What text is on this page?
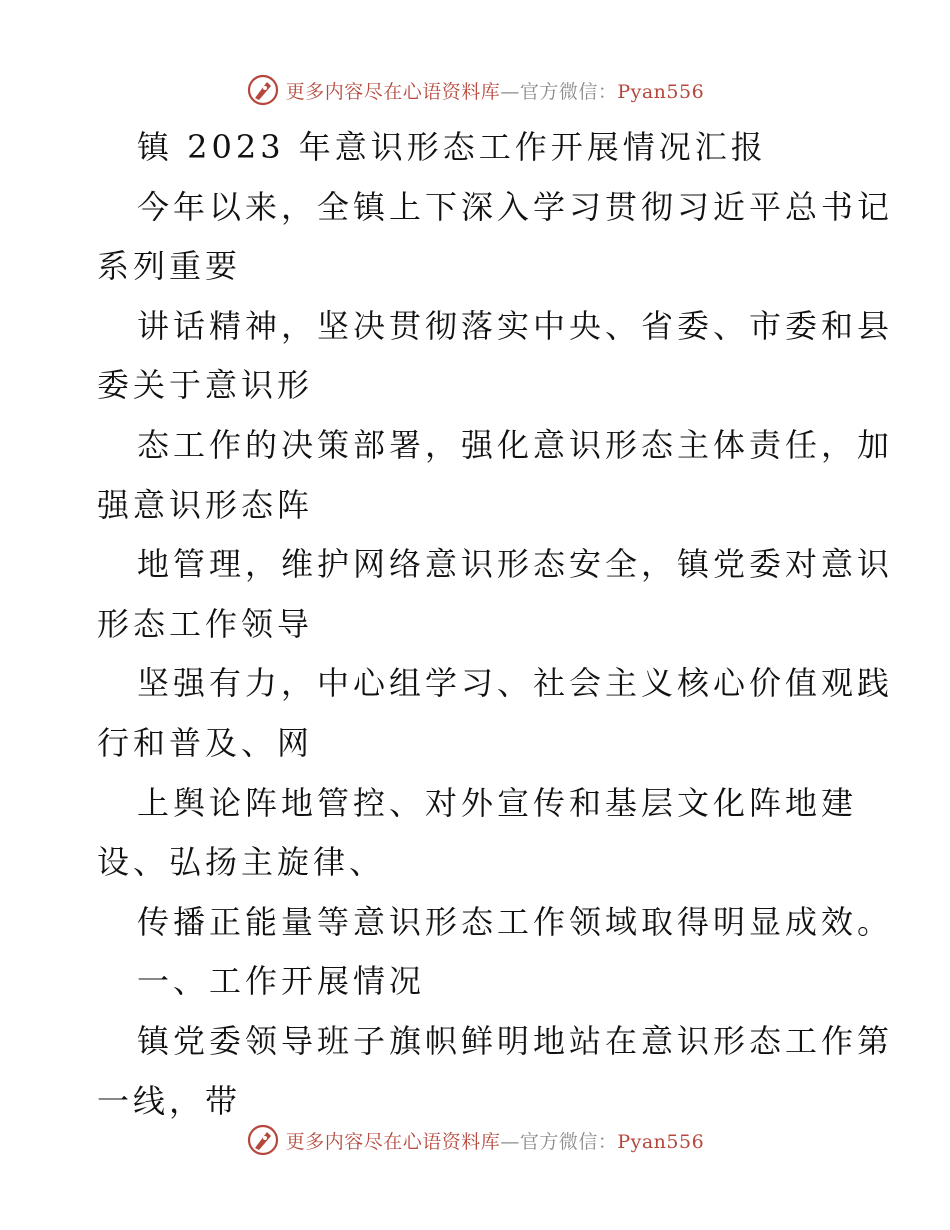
更多内容尽在心语资料库—官方微信：Pyan556
镇 2023 年意识形态工作开展情况汇报
今年以来，全镇上下深入学习贯彻习近平总书记
系列重要
讲话精神，坚决贯彻落实中央、省委、市委和县
委关于意识形
态工作的决策部署，强化意识形态主体责任，加
强意识形态阵
地管理，维护网络意识形态安全，镇党委对意识
形态工作领导
坚强有力，中心组学习、社会主义核心价值观践
行和普及、网
上舆论阵地管控、对外宣传和基层文化阵地建
设、弘扬主旋律、
传播正能量等意识形态工作领域取得明显成效。
一、工作开展情况
镇党委领导班子旗帜鲜明地站在意识形态工作第
一线，带
更多内容尽在心语资料库—官方微信：Pyan556
